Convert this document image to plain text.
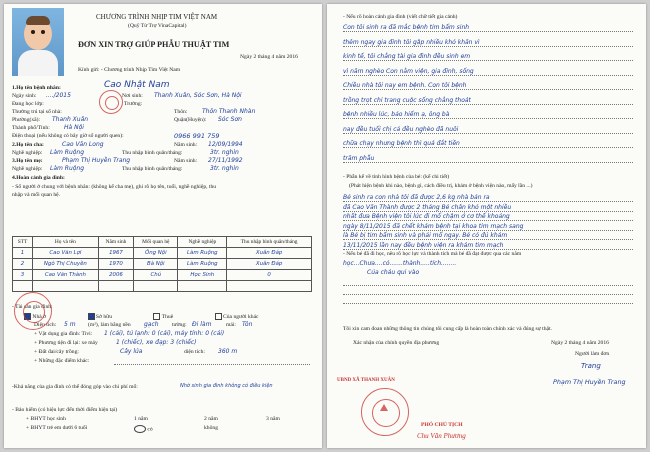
CHƯƠNG TRÌNH NHỊP TIM VIỆT NAM
(Quỹ Từ Trợ VinaCapital)
ĐƠN XIN TRỢ GIÚP PHẪU THUẬT TIM
Ngày 2 tháng 4 năm 2016
Kính gửi: - Chương trình Nhịp Tim Việt Nam
1.Họ tên bệnh nhân:	Cao Nhật Nam
Ngày sinh: ..../2015	Nơi sinh: Thanh Xuân, Sóc Sơn, Hà Nội
Đang học lớp:	Trường:
Thường trú tại số nhà:	Thôn: Thôn Thanh Nhàn
Phường(xã): Thanh Xuân	Quận(Huyện): Sóc Sơn
Thành phố/Tỉnh: Hà Nội
Điện thoại (nếu không có bây giờ số người quen):	0966 991 759
2.Họ tên cha:	Cao Văn Long	Năm sinh: 12/09/1994
Nghề nghiệp: Làm Ruộng	Thu nhập bình quân/tháng:	3tr. nghìn
3.Họ tên mẹ:	Phạm Thị Huyền Trang	Năm sinh: 27/11/1992
Nghề nghiệp: Làm Ruộng	Thu nhập bình quân/tháng:	3tr. nghìn
4.Hoàn cảnh gia đình:
- Số người ở chung với bệnh nhân: (không kể cha mẹ), ghi rõ họ tên, tuổi, nghề nghiệp, thu
nhập và mối quan hệ.
STT	Họ và tên	Năm sinh	Mối quan hệ	Nghề nghiệp	Thu nhập bình quân/tháng
1	Cao Văn Lợi	1967	Ông Nội	Làm Ruộng	Xuân Đáp
2	Ngô Thị Chuyền	1970	Bà Nội	Làm Ruộng	Xuân Đáp
3	Cao Văn Thành	2006	Chú	Học Sinh	0

- Tài sản gia đình:
Nhà ở	Sở hữu	Thuê	Của người khác
Diện tích: 5 m (m²), làm bằng nền gạch tường: Đi làm	mái: Tôn
+ Vật dụng gia đình: Tivi: 1 (cái), tủ lạnh: 0 (cái), máy tính: 0 (cái)
+ Phương tiện đi lại: xe máy	1 (chiếc), xe đạp: 3 (chiếc)
+ Đất đai/cây trồng:	Cây lúa	diện tích: 360 m
+ Những đặc điểm khác:
-Khả năng của gia đình có thể đóng góp vào chi phí mổ:	Nhờ sinh gia đình không có điều kiện
- Bảo hiểm (có hiệu lực đến thời điểm hiện tại)
+ BHYT học sinh	1 năm	2 năm	3 năm
+ BHYT trẻ em dưới 6 tuổi	có	không
- Nếu rõ hoàn cảnh gia đình (viết chữ tiết gia cảnh)
Con tôi sinh ra đã mắc bệnh tim bẩm sinh
thêm ngay gia đình tôi gặp nhiều khó khăn vì
kinh tế, tôi chẳng tài gia đình đều sinh em
vì năm nghèo Con nằm viện, gia đình, sống
Chiều nhà tôi nay em bệnh. Con tôi bệnh
trồng trọt chỉ trang cuộc sống chẳng thoát
bệnh nhiều lúc, bảo hiểm ạ, ông bà
nay đều tuổi chị cả đều nghèo đã nuôi
chữa chạy nhưng bệnh thì quá đắt tiền
trăm phẫu
- Phẫn kể về tình hình bệnh của bé: (kể chi tiết)
(Phát hiện bệnh khi nào, bệnh gì, cách điều trị, khám ở bệnh viện nào, mấy lần ...)
Bé sinh ra con nhà tôi đã được 2,6 kg nhà bản ra
đã Cao Văn Thành được 2 tháng Bé chân khó một nhiều
nhất đưa Bệnh viện tôi lúc đi mổ chậm ở cơ thể khoảng
ngày 8/11/2015 đã chết khám bệnh tại khoa tim mạch sang
là Bé bị tim bẩm sinh và phải mổ ngay. Bé có đủ khám
13/11/2015 lần nay đều bệnh viện ra khám tim mạch
- Nếu bé đã đi học, nêu rõ học lực và thành tích mà bé đã đạt được qua các năm
học...Chưa....có.......thành.....tích........
Của cháu qui vào
Tôi xin cam đoan những thông tin chúng tôi cung cấp là hoàn toàn chính xác và đúng sự thật.
Xác nhận của chính quyền địa phương	Ngày 2 tháng 4 năm 2016
Người làm đơn
Trang
Phạm Thị Huyền Trang
UBND XÃ THANH XUÂN
PHÓ CHỦ TỊCH
Chu Văn Phương
